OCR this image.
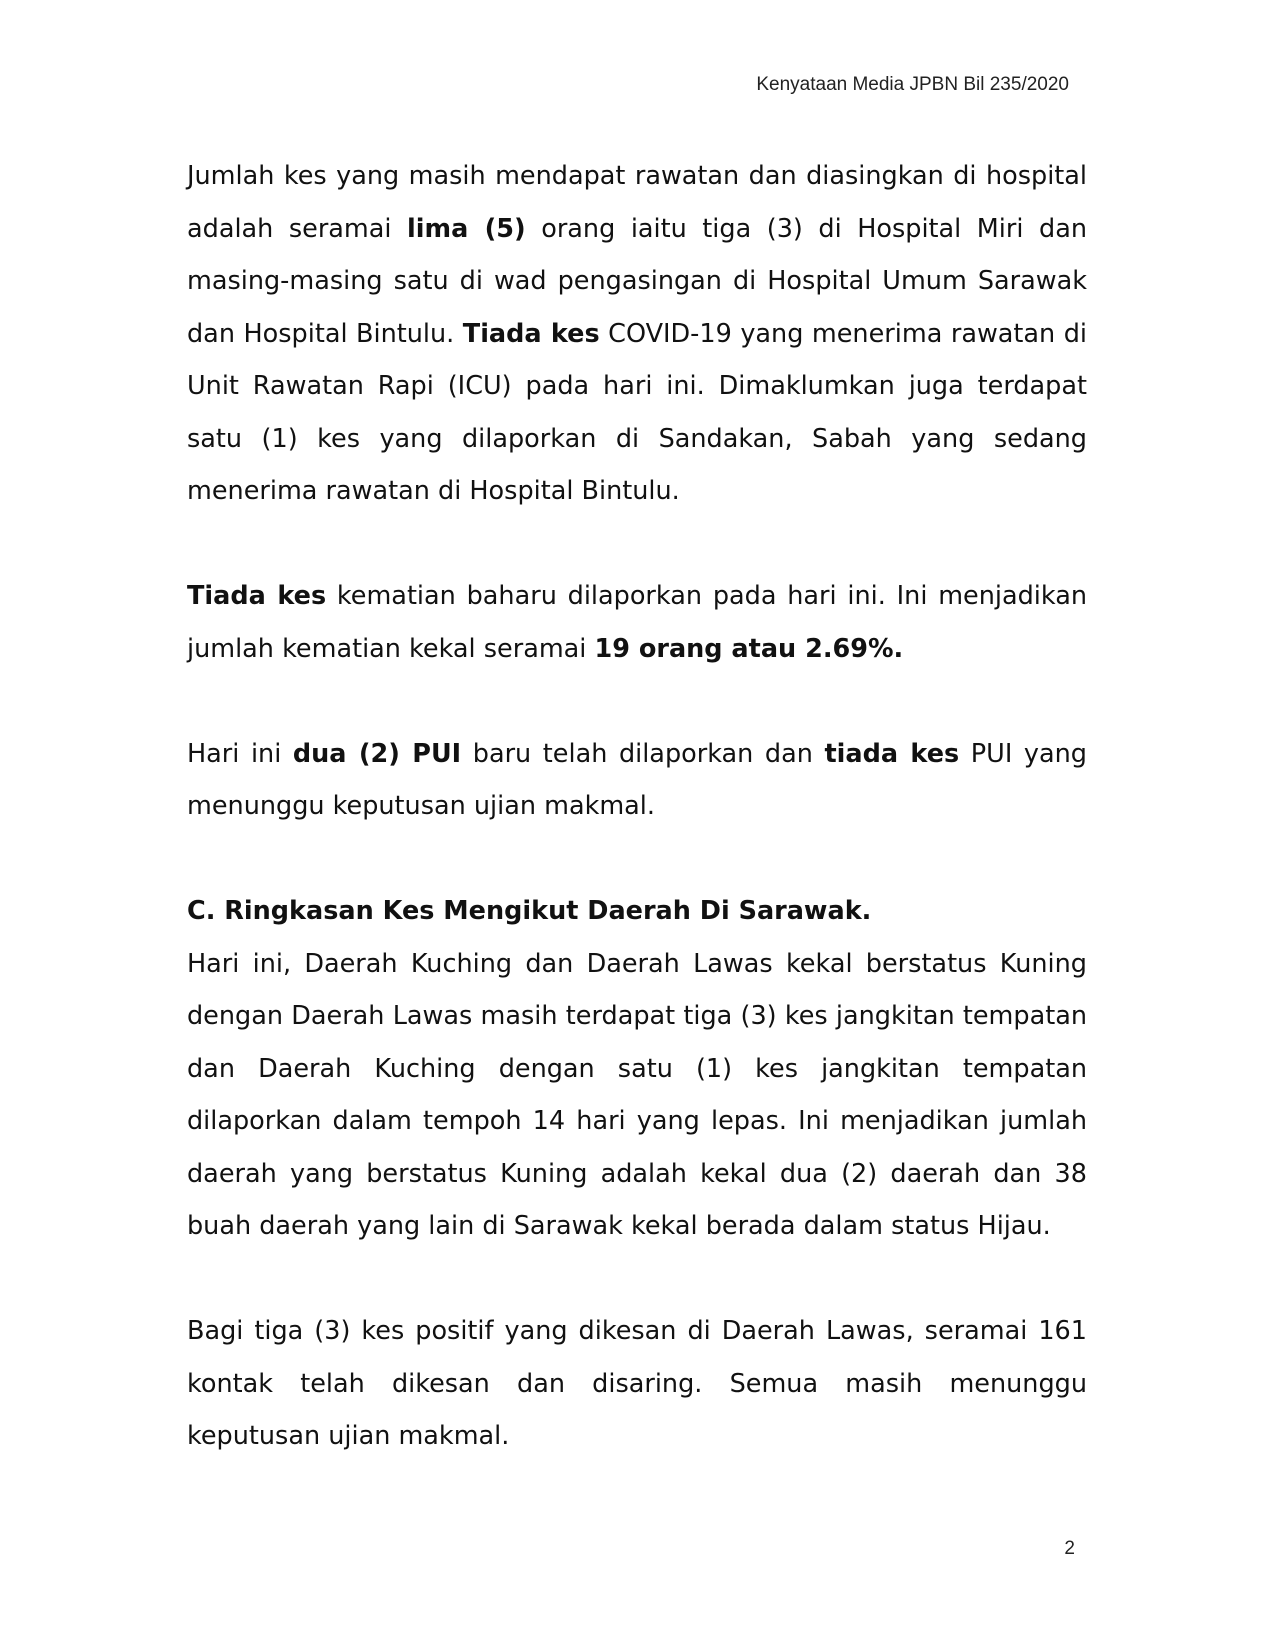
Kenyataan Media JPBN Bil 235/2020

Jumlah kes yang masih mendapat rawatan dan diasingkan di hospital adalah seramai lima (5) orang iaitu tiga (3) di Hospital Miri dan masing-masing satu di wad pengasingan di Hospital Umum Sarawak dan Hospital Bintulu. Tiada kes COVID-19 yang menerima rawatan di Unit Rawatan Rapi (ICU) pada hari ini. Dimaklumkan juga terdapat satu (1) kes yang dilaporkan di Sandakan, Sabah yang sedang menerima rawatan di Hospital Bintulu.

Tiada kes kematian baharu dilaporkan pada hari ini. Ini menjadikan jumlah kematian kekal seramai 19 orang atau 2.69%.

Hari ini dua (2) PUI baru telah dilaporkan dan tiada kes PUI yang menunggu keputusan ujian makmal.

C. Ringkasan Kes Mengikut Daerah Di Sarawak.

Hari ini, Daerah Kuching dan Daerah Lawas kekal berstatus Kuning dengan Daerah Lawas masih terdapat tiga (3) kes jangkitan tempatan dan Daerah Kuching dengan satu (1) kes jangkitan tempatan dilaporkan dalam tempoh 14 hari yang lepas. Ini menjadikan jumlah daerah yang berstatus Kuning adalah kekal dua (2) daerah dan 38 buah daerah yang lain di Sarawak kekal berada dalam status Hijau.

Bagi tiga (3) kes positif yang dikesan di Daerah Lawas, seramai 161 kontak telah dikesan dan disaring. Semua masih menunggu keputusan ujian makmal.

2
